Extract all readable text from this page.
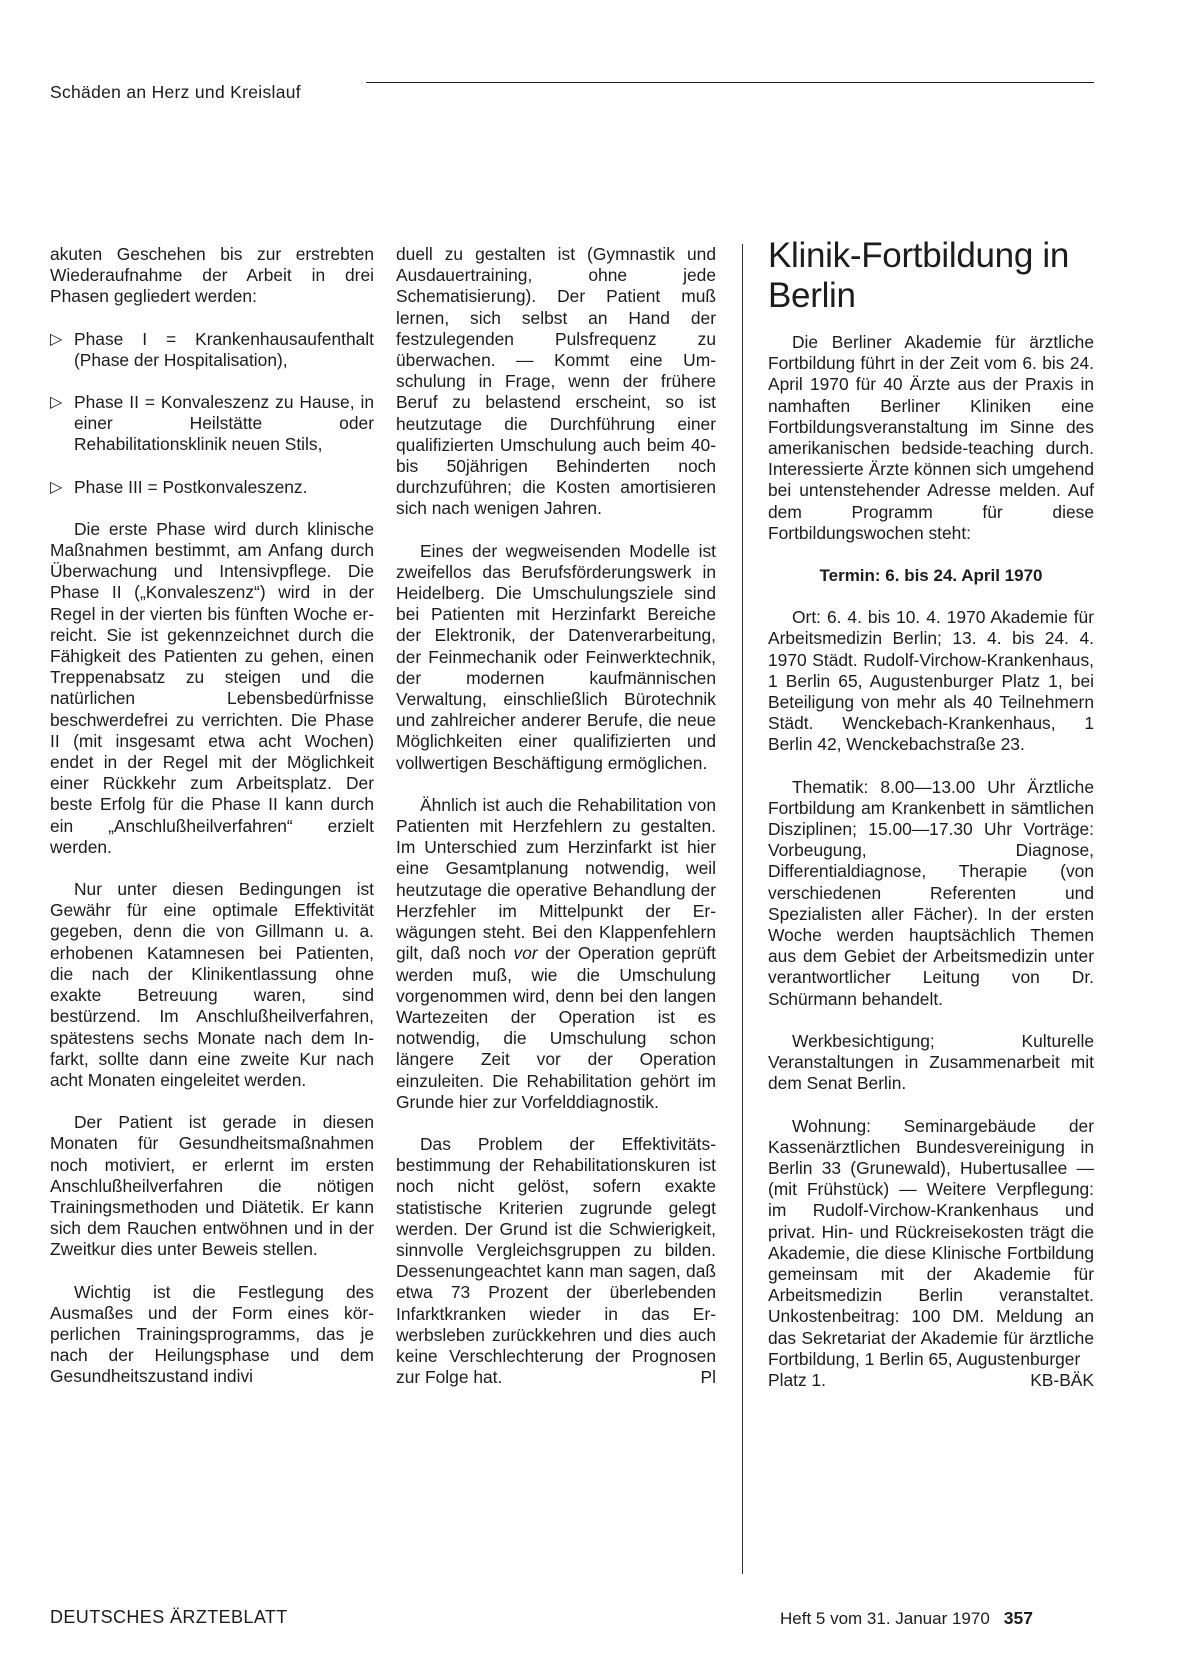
Schäden an Herz und Kreislauf

akuten Geschehen bis zur erstrebten Wiederaufnahme der Arbeit in drei Phasen gegliedert werden:

▷ Phase I = Krankenhausaufenthalt (Phase der Hospitalisation),
▷ Phase II = Konvaleszenz zu Hause, in einer Heilstätte oder Rehabilitationsklinik neuen Stils,
▷ Phase III = Postkonvaleszenz.

Die erste Phase wird durch klinische Maßnahmen bestimmt, am Anfang durch Überwachung und Intensivpflege. Die Phase II („Konvaleszenz“) wird in der Regel in der vierten bis fünften Woche erreicht. Sie ist gekennzeichnet durch die Fähigkeit des Patienten zu gehen, einen Treppenabsatz zu steigen und die natürlichen Lebensbedürfnisse beschwerdefrei zu verrichten. Die Phase II (mit insgesamt etwa acht Wochen) endet in der Regel mit der Möglichkeit einer Rückkehr zum Arbeitsplatz. Der beste Erfolg für die Phase II kann durch ein „Anschlußheilverfahren“ erzielt werden.

Nur unter diesen Bedingungen ist Gewähr für eine optimale Effektivität gegeben, denn die von Gillmann u. a. erhobenen Katamnesen bei Patienten, die nach der Klinikentlassung ohne exakte Betreuung waren, sind bestürzend. Im Anschlußheilverfahren, spätestens sechs Monate nach dem Infarkt, sollte dann eine zweite Kur nach acht Monaten eingeleitet werden.

Der Patient ist gerade in diesen Monaten für Gesundheitsmaßnahmen noch motiviert, er erlernt im ersten Anschlußheilverfahren die nötigen Trainingsmethoden und Diätetik. Er kann sich dem Rauchen entwöhnen und in der Zweitkur dies unter Beweis stellen.

Wichtig ist die Festlegung des Ausmaßes und der Form eines körperlichen Trainingsprogramms, das je nach der Heilungsphase und dem Gesundheitszustand indivi

duell zu gestalten ist (Gymnastik und Ausdauertraining, ohne jede Schematisierung). Der Patient muß lernen, sich selbst an Hand der festzulegenden Pulsfrequenz zu überwachen. — Kommt eine Umschulung in Frage, wenn der frühere Beruf zu belastend erscheint, so ist heutzutage die Durchführung einer qualifizierten Umschulung auch beim 40- bis 50jährigen Behinderten noch durchzuführen; die Kosten amortisieren sich nach wenigen Jahren.

Eines der wegweisenden Modelle ist zweifellos das Berufsförderungswerk in Heidelberg. Die Umschulungsziele sind bei Patienten mit Herzinfarkt Bereiche der Elektronik, der Datenverarbeitung, der Feinmechanik oder Feinwerktechnik, der modernen kaufmännischen Verwaltung, einschließlich Bürotechnik und zahlreicher anderer Berufe, die neue Möglichkeiten einer qualifizierten und vollwertigen Beschäftigung ermöglichen.

Ähnlich ist auch die Rehabilitation von Patienten mit Herzfehlern zu gestalten. Im Unterschied zum Herzinfarkt ist hier eine Gesamtplanung notwendig, weil heutzutage die operative Behandlung der Herzfehler im Mittelpunkt der Erwägungen steht. Bei den Klappenfehlern gilt, daß noch vor der Operation geprüft werden muß, wie die Umschulung vorgenommen wird, denn bei den langen Wartezeiten der Operation ist es notwendig, die Umschulung schon längere Zeit vor der Operation einzuleiten. Die Rehabilitation gehört im Grunde hier zur Vorfelddiagnostik.

Das Problem der Effektivitätsbestimmung der Rehabilitationskuren ist noch nicht gelöst, sofern exakte statistische Kriterien zugrunde gelegt werden. Der Grund ist die Schwierigkeit, sinnvolle Vergleichsgruppen zu bilden. Dessenungeachtet kann man sagen, daß etwa 73 Prozent der überlebenden Infarktkranken wieder in das Erwerbsleben zurückkehren und dies auch keine Verschlechterung der Prognosen zur Folge hat.	Pl

Klinik-Fortbildung in Berlin

Die Berliner Akademie für ärztliche Fortbildung führt in der Zeit vom 6. bis 24. April 1970 für 40 Ärzte aus der Praxis in namhaften Berliner Kliniken eine Fortbildungsveranstaltung im Sinne des amerikanischen bedside-teaching durch. Interessierte Ärzte können sich umgehend bei untenstehender Adresse melden. Auf dem Programm für diese Fortbildungswochen steht:

Termin: 6. bis 24. April 1970

Ort: 6. 4. bis 10. 4. 1970 Akademie für Arbeitsmedizin Berlin; 13. 4. bis 24. 4. 1970 Städt. Rudolf-Virchow-Krankenhaus, 1 Berlin 65, Augustenburger Platz 1, bei Beteiligung von mehr als 40 Teilnehmern Städt. Wenckebach-Krankenhaus, 1 Berlin 42, Wenckebachstraße 23.

Thematik: 8.00—13.00 Uhr Ärztliche Fortbildung am Krankenbett in sämtlichen Disziplinen; 15.00—17.30 Uhr Vorträge: Vorbeugung, Diagnose, Differentialdiagnose, Therapie (von verschiedenen Referenten und Spezialisten aller Fächer). In der ersten Woche werden hauptsächlich Themen aus dem Gebiet der Arbeitsmedizin unter verantwortlicher Leitung von Dr. Schürmann behandelt.

Werkbesichtigung; Kulturelle Veranstaltungen in Zusammenarbeit mit dem Senat Berlin.

Wohnung: Seminargebäude der Kassenärztlichen Bundesvereinigung in Berlin 33 (Grunewald), Hubertusallee — (mit Frühstück) — Weitere Verpflegung: im Rudolf-Virchow-Krankenhaus und privat. Hin- und Rückreisekosten trägt die Akademie, die diese Klinische Fortbildung gemeinsam mit der Akademie für Arbeitsmedizin Berlin veranstaltet. Unkostenbeitrag: 100 DM. Meldung an das Sekretariat der Akademie für ärztliche Fortbildung, 1 Berlin 65, Augustenburger

Platz 1.	KB-BÄK
DEUTSCHES ÄRZTEBLATT	Heft 5 vom 31. Januar 1970 357
